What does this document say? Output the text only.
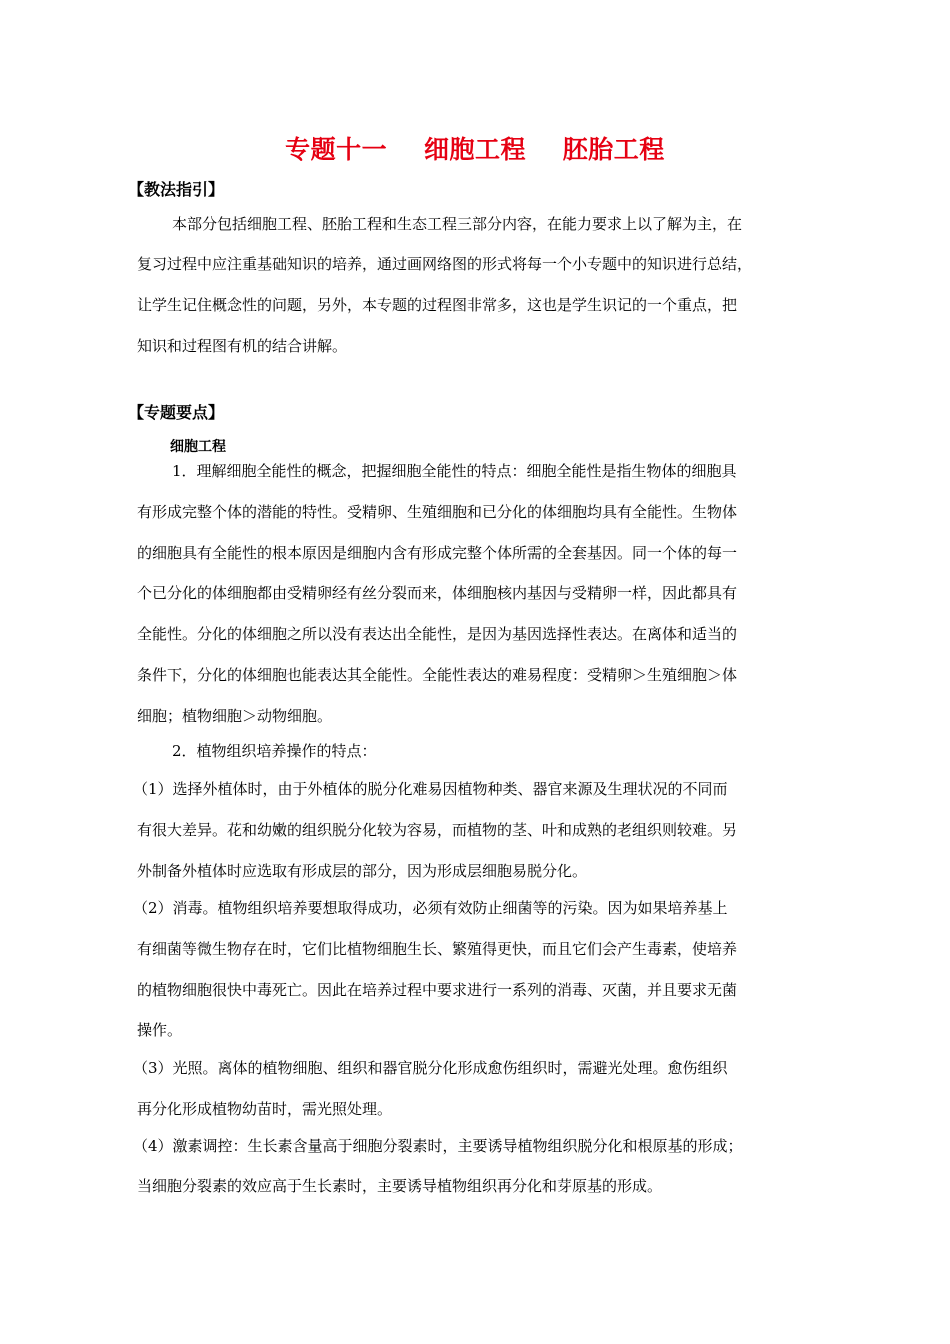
专题十一    细胞工程    胚胎工程
【教法指引】
本部分包括细胞工程、胚胎工程和生态工程三部分内容，在能力要求上以了解为主，在
复习过程中应注重基础知识的培养，通过画网络图的形式将每一个小专题中的知识进行总结，
让学生记住概念性的问题，另外，本专题的过程图非常多，这也是学生识记的一个重点，把
知识和过程图有机的结合讲解。
【专题要点】
细胞工程
1．理解细胞全能性的概念，把握细胞全能性的特点：细胞全能性是指生物体的细胞具
有形成完整个体的潜能的特性。受精卵、生殖细胞和已分化的体细胞均具有全能性。生物体
的细胞具有全能性的根本原因是细胞内含有形成完整个体所需的全套基因。同一个体的每一
个已分化的体细胞都由受精卵经有丝分裂而来，体细胞核内基因与受精卵一样，因此都具有
全能性。分化的体细胞之所以没有表达出全能性，是因为基因选择性表达。在离体和适当的
条件下，分化的体细胞也能表达其全能性。全能性表达的难易程度：受精卵＞生殖细胞＞体
细胞；植物细胞＞动物细胞。
2．植物组织培养操作的特点：
（1）选择外植体时，由于外植体的脱分化难易因植物种类、器官来源及生理状况的不同而
有很大差异。花和幼嫩的组织脱分化较为容易，而植物的茎、叶和成熟的老组织则较难。另
外制备外植体时应选取有形成层的部分，因为形成层细胞易脱分化。
（2）消毒。植物组织培养要想取得成功，必须有效防止细菌等的污染。因为如果培养基上
有细菌等微生物存在时，它们比植物细胞生长、繁殖得更快，而且它们会产生毒素，使培养
的植物细胞很快中毒死亡。因此在培养过程中要求进行一系列的消毒、灭菌，并且要求无菌
操作。
（3）光照。离体的植物细胞、组织和器官脱分化形成愈伤组织时，需避光处理。愈伤组织
再分化形成植物幼苗时，需光照处理。
（4）激素调控：生长素含量高于细胞分裂素时，主要诱导植物组织脱分化和根原基的形成；
当细胞分裂素的效应高于生长素时，主要诱导植物组织再分化和芽原基的形成。
